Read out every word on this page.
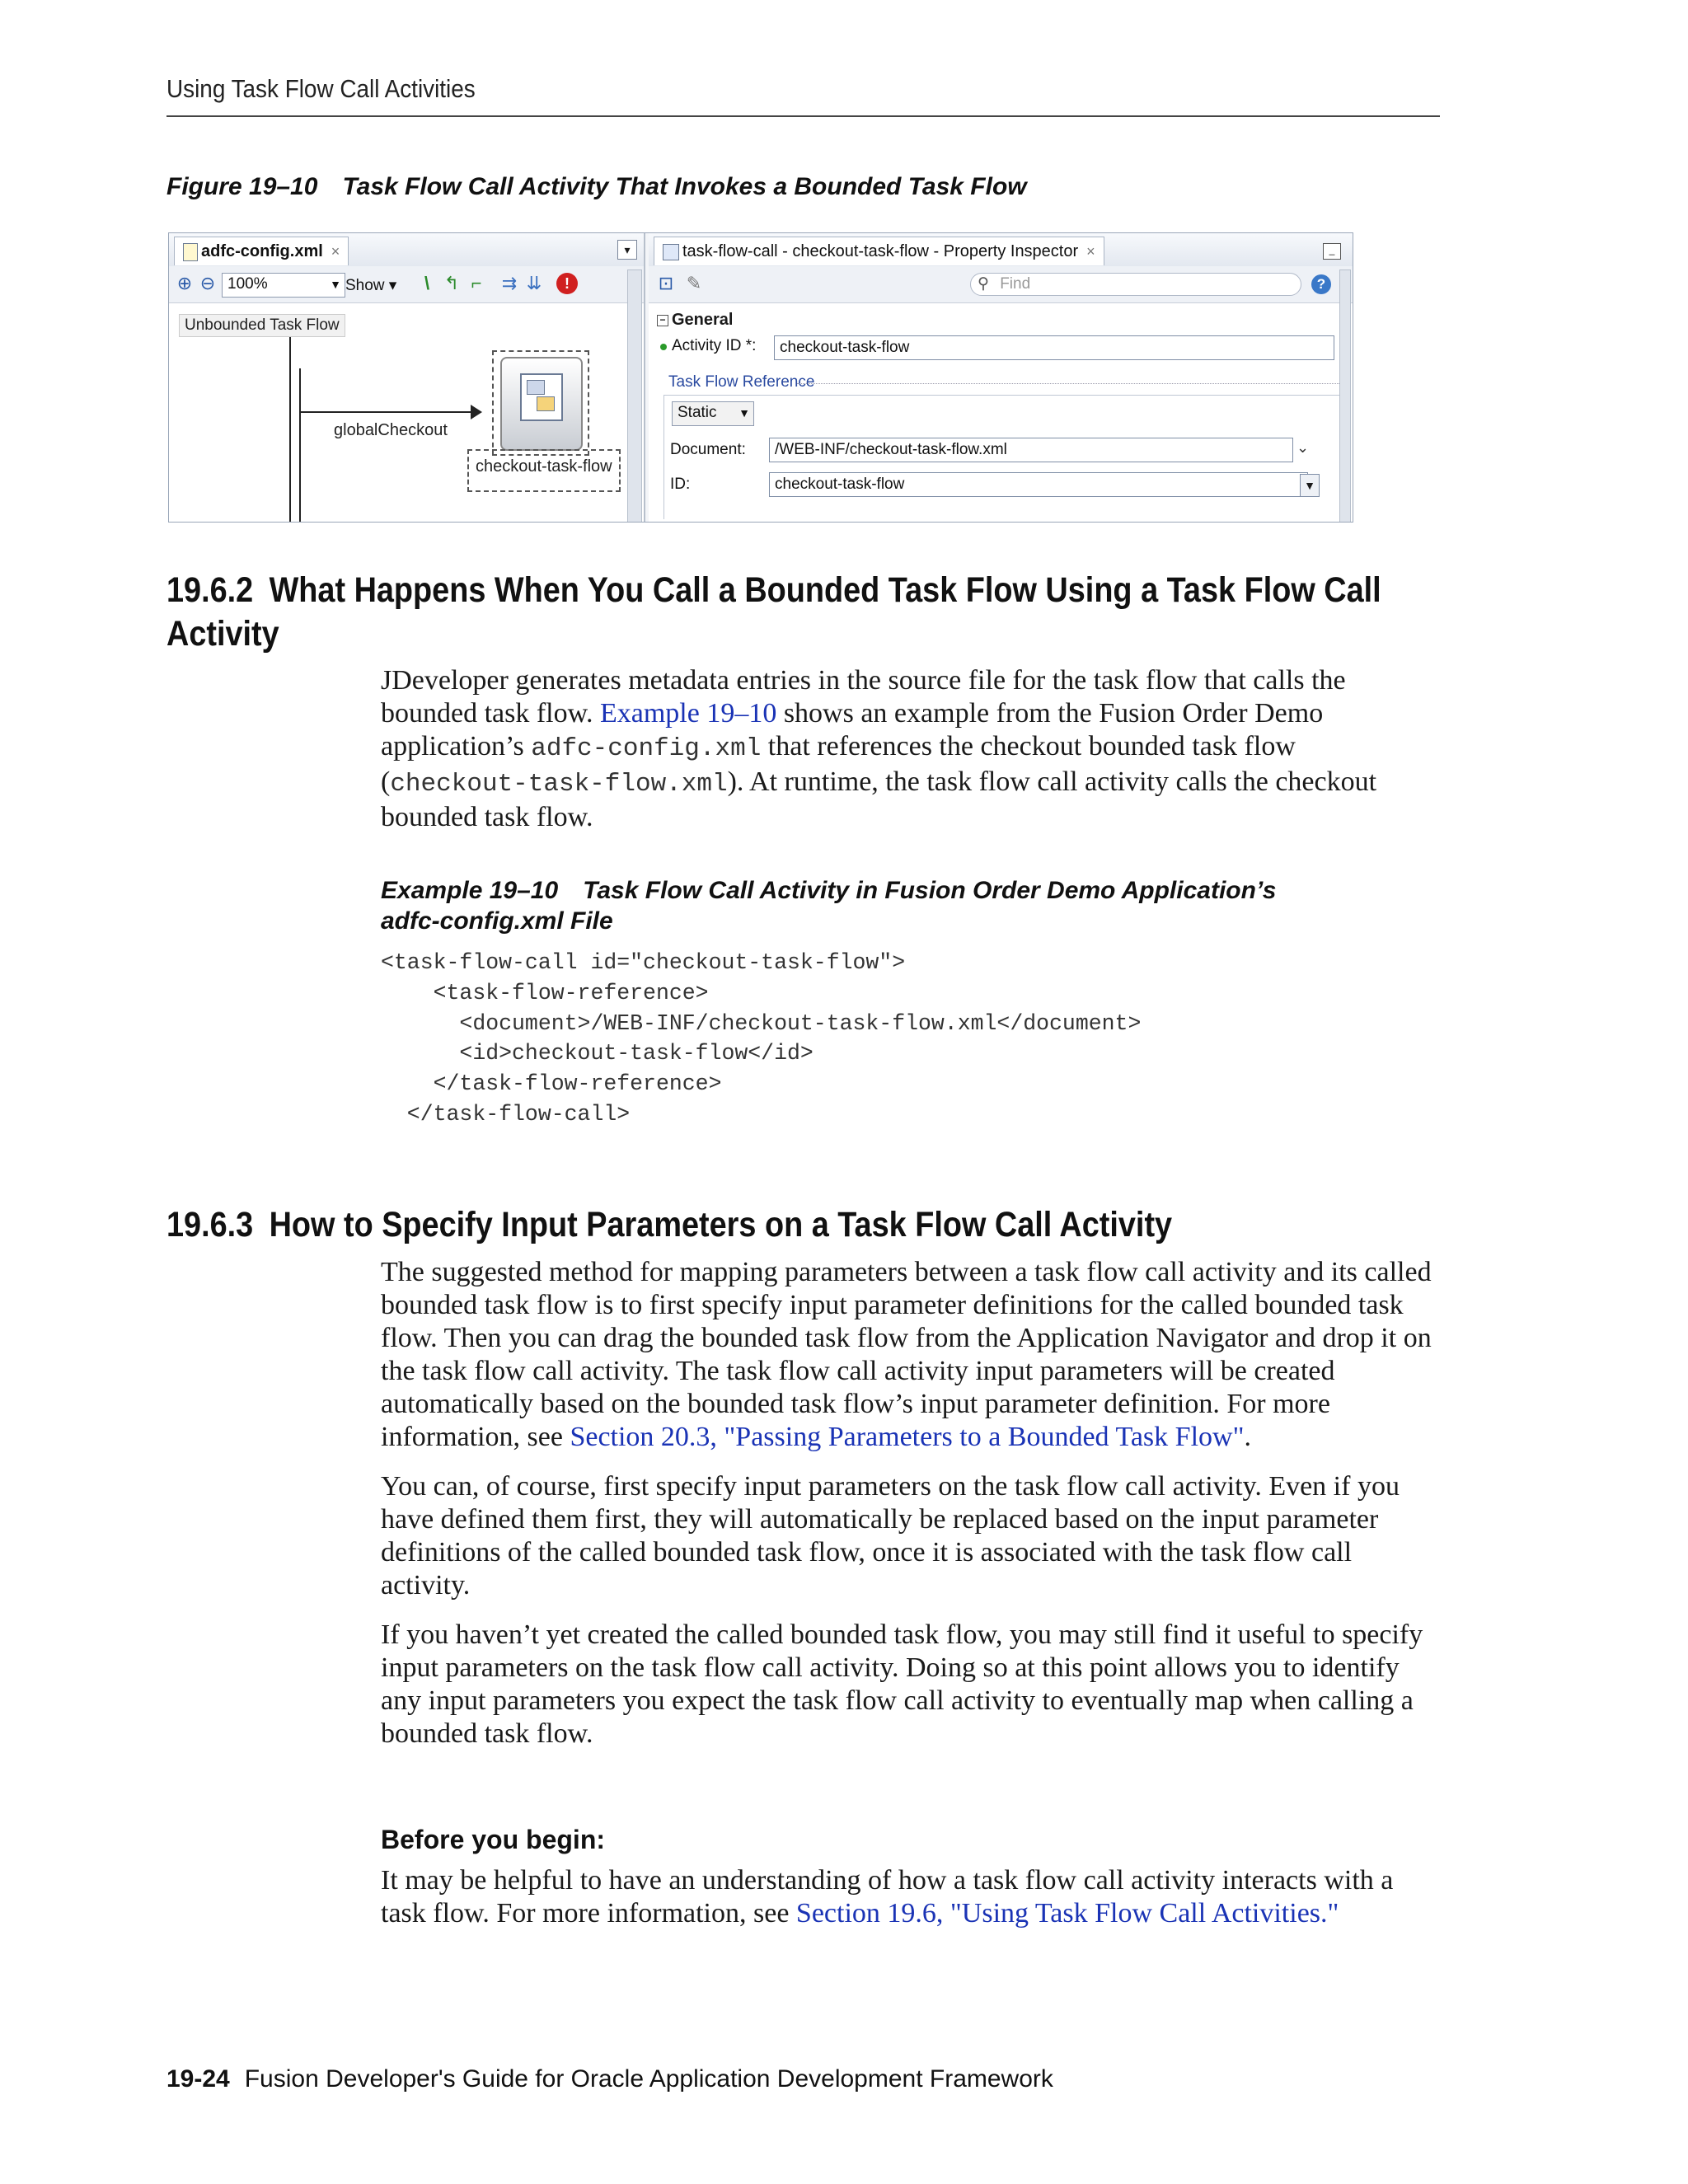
Using Task Flow Call Activities
Figure 19–10 Task Flow Call Activity That Invokes a Bounded Task Flow
adfc-config.xml ×	▾
⊕ ⊖ 100%	▼ Show ▾	\ ↰ ⌐ ⇉ ⇊	!
Unbounded Task Flow
globalCheckout
checkout-task-flow
task-flow-call - checkout-task-flow - Property Inspector ×	_
⊡ ✎	⚲ Find	?
− General
Activity ID *:	checkout-task-flow
Task Flow Reference
Static ▼
Document:	/WEB-INF/checkout-task-flow.xml	⌄
ID:	checkout-task-flow	▼
19.6.2 What Happens When You Call a Bounded Task Flow Using a Task Flow Call
Activity

JDeveloper generates metadata entries in the source file for the task flow that calls the bounded task flow. Example 19–10 shows an example from the Fusion Order Demo application’s adfc-config.xml that references the checkout bounded task flow (checkout-task-flow.xml). At runtime, the task flow call activity calls the checkout bounded task flow.

Example 19–10 Task Flow Call Activity in Fusion Order Demo Application’s
adfc-config.xml File
<task-flow-call id="checkout-task-flow">
<task-flow-reference>
<document>/WEB-INF/checkout-task-flow.xml</document>
<id>checkout-task-flow</id>
</task-flow-reference>
</task-flow-call>
19.6.3 How to Specify Input Parameters on a Task Flow Call Activity

The suggested method for mapping parameters between a task flow call activity and its called bounded task flow is to first specify input parameter definitions for the called bounded task flow. Then you can drag the bounded task flow from the Application Navigator and drop it on the task flow call activity. The task flow call activity input parameters will be created automatically based on the bounded task flow’s input parameter definition. For more information, see Section 20.3, "Passing Parameters to a Bounded Task Flow".

You can, of course, first specify input parameters on the task flow call activity. Even if you have defined them first, they will automatically be replaced based on the input parameter definitions of the called bounded task flow, once it is associated with the task flow call activity.

If you haven’t yet created the called bounded task flow, you may still find it useful to specify input parameters on the task flow call activity. Doing so at this point allows you to identify any input parameters you expect the task flow call activity to eventually map when calling a bounded task flow.

Before you begin:

It may be helpful to have an understanding of how a task flow call activity interacts with a task flow. For more information, see Section 19.6, "Using Task Flow Call Activities."

19-24 Fusion Developer's Guide for Oracle Application Development Framework
